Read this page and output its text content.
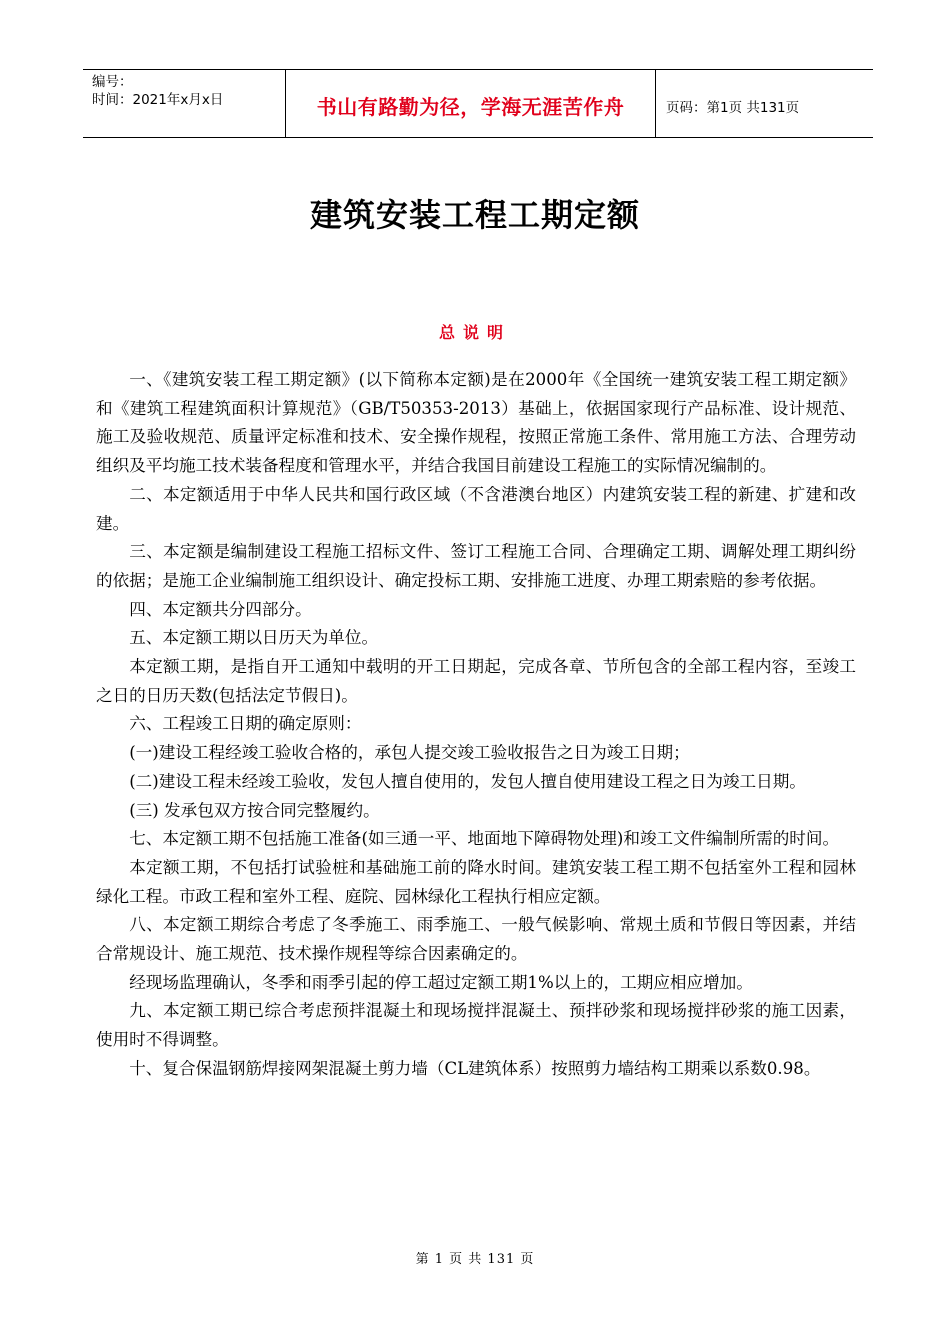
编号：
时间：2021年x月x日	书山有路勤为径，学海无涯苦作舟	页码：第1页 共131页
建筑安装工程工期定额
总说明

一、《建筑安装工程工期定额》(以下简称本定额)是在2000年《全国统一建筑安装工程工期定额》和《建筑工程建筑面积计算规范》（GB/T50353-2013）基础上，依据国家现行产品标准、设计规范、施工及验收规范、质量评定标准和技术、安全操作规程，按照正常施工条件、常用施工方法、合理劳动组织及平均施工技术装备程度和管理水平，并结合我国目前建设工程施工的实际情况编制的。

二、本定额适用于中华人民共和国行政区域（不含港澳台地区）内建筑安装工程的新建、扩建和改建。

三、本定额是编制建设工程施工招标文件、签订工程施工合同、合理确定工期、调解处理工期纠纷的依据；是施工企业编制施工组织设计、确定投标工期、安排施工进度、办理工期索赔的参考依据。

四、本定额共分四部分。

五、本定额工期以日历天为单位。

本定额工期，是指自开工通知中载明的开工日期起，完成各章、节所包含的全部工程内容，至竣工之日的日历天数(包括法定节假日)。

六、工程竣工日期的确定原则：

(一)建设工程经竣工验收合格的，承包人提交竣工验收报告之日为竣工日期；

(二)建设工程未经竣工验收，发包人擅自使用的，发包人擅自使用建设工程之日为竣工日期。

(三) 发承包双方按合同完整履约。

七、本定额工期不包括施工准备(如三通一平、地面地下障碍物处理)和竣工文件编制所需的时间。

本定额工期，不包括打试验桩和基础施工前的降水时间。建筑安装工程工期不包括室外工程和园林绿化工程。市政工程和室外工程、庭院、园林绿化工程执行相应定额。

八、本定额工期综合考虑了冬季施工、雨季施工、一般气候影响、常规土质和节假日等因素，并结合常规设计、施工规范、技术操作规程等综合因素确定的。

经现场监理确认，冬季和雨季引起的停工超过定额工期1%以上的，工期应相应增加。

九、本定额工期已综合考虑预拌混凝土和现场搅拌混凝土、预拌砂浆和现场搅拌砂浆的施工因素，使用时不得调整。

十、复合保温钢筋焊接网架混凝土剪力墙（CL建筑体系）按照剪力墙结构工期乘以系数0.98。

第 1 页 共 131 页
